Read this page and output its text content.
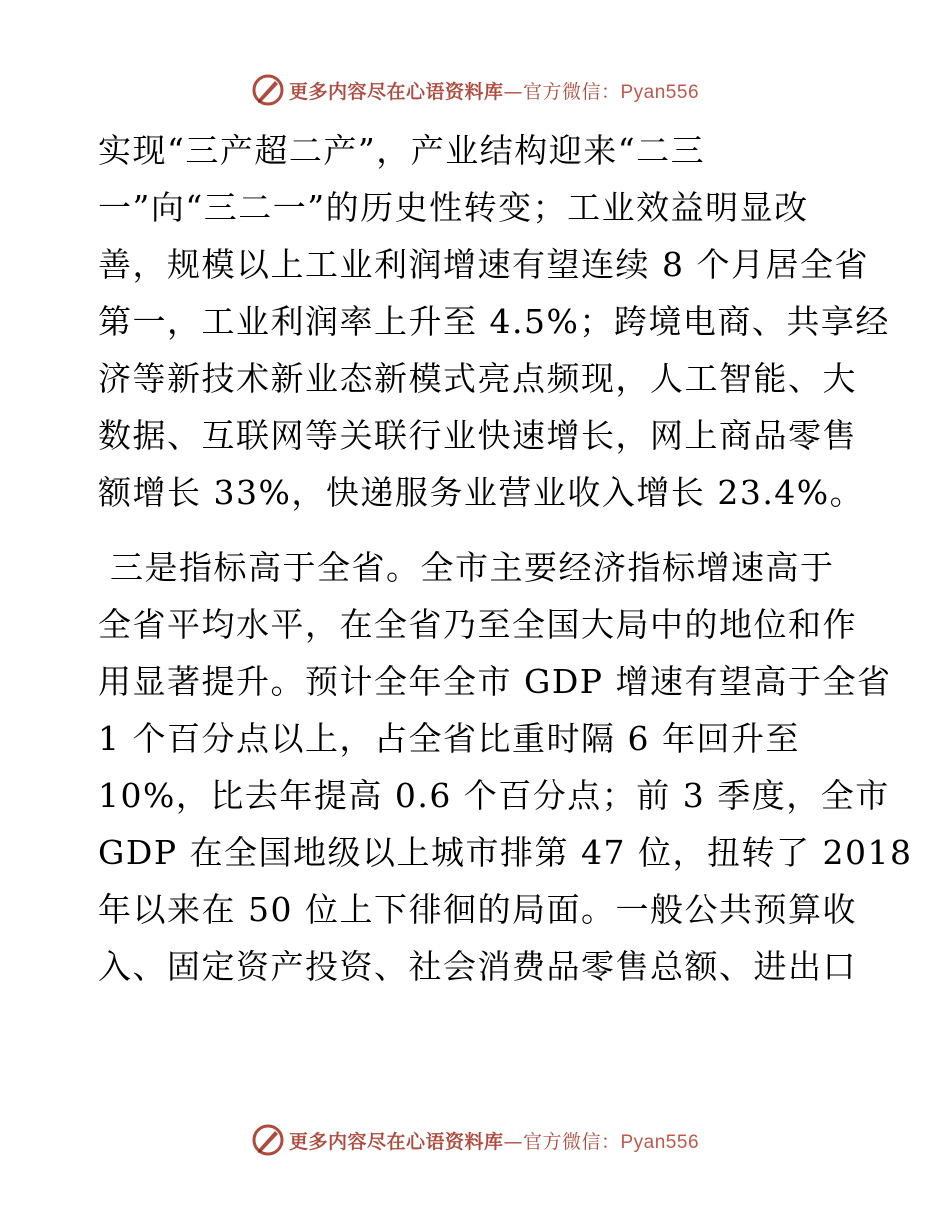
更多内容尽在心语资料库—官方微信：Pyan556
实现“三产超二产”，产业结构迎来“二三
一”向“三二一”的历史性转变；工业效益明显改
善，规模以上工业利润增速有望连续 8 个月居全省
第一，工业利润率上升至 4.5%；跨境电商、共享经
济等新技术新业态新模式亮点频现，人工智能、大
数据、互联网等关联行业快速增长，网上商品零售
额增长 33%，快递服务业营业收入增长 23.4%。
三是指标高于全省。全市主要经济指标增速高于
全省平均水平，在全省乃至全国大局中的地位和作
用显著提升。预计全年全市 GDP 增速有望高于全省
1 个百分点以上，占全省比重时隔 6 年回升至
10%，比去年提高 0.6 个百分点；前 3 季度，全市
GDP 在全国地级以上城市排第 47 位，扭转了 2018
年以来在 50 位上下徘徊的局面。一般公共预算收
入、固定资产投资、社会消费品零售总额、进出口
更多内容尽在心语资料库—官方微信：Pyan556
